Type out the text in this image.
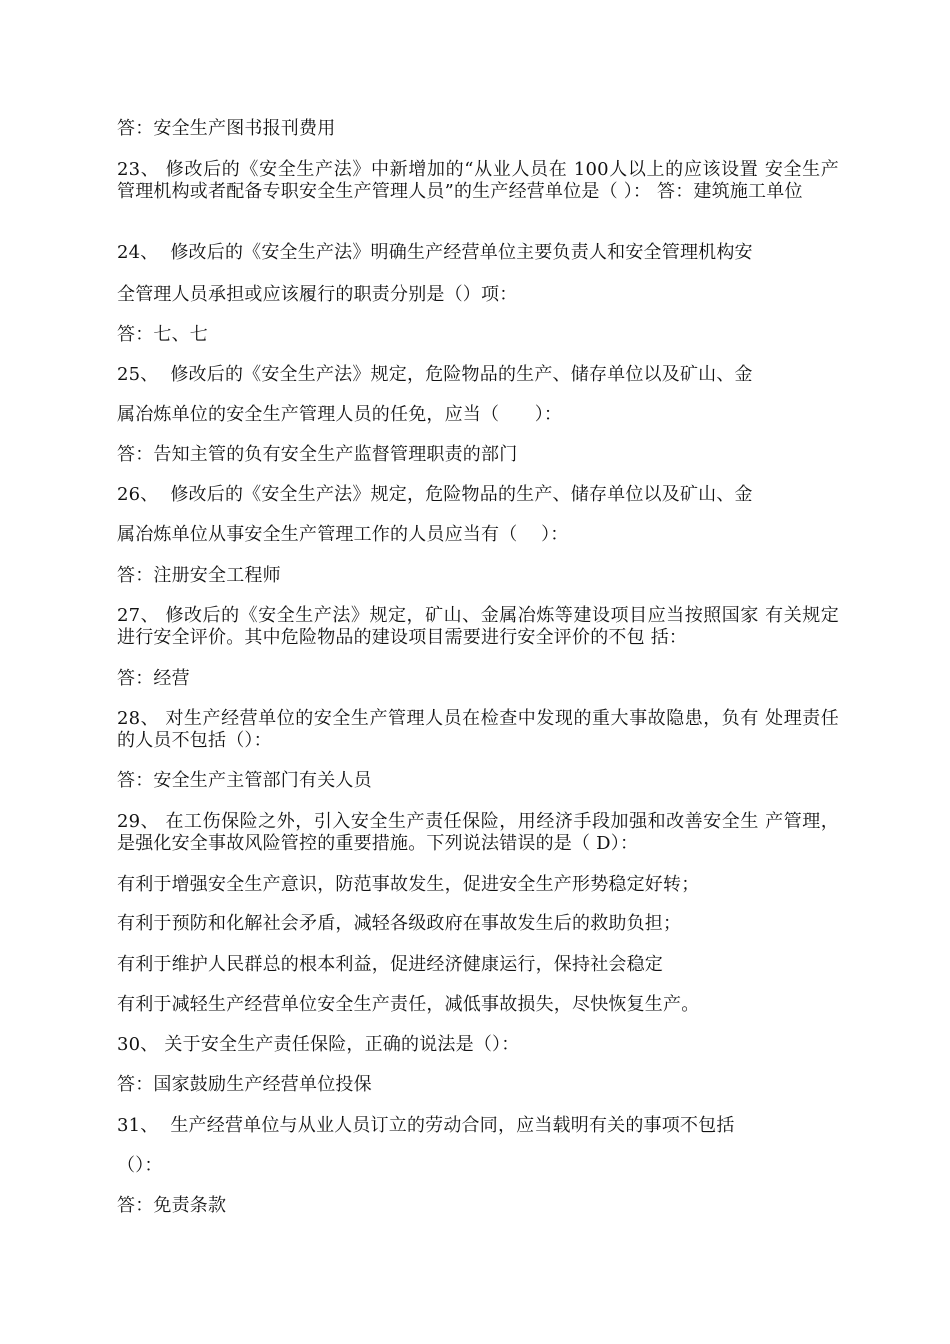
答：安全生产图书报刊费用
23、 修改后的《安全生产法》中新增加的“从业人员在 100人以上的应该设置 安全生产管理机构或者配备专职安全生产管理人员”的生产经营单位是（ ）： 答：建筑施工单位
24、  修改后的《安全生产法》明确生产经营单位主要负责人和安全管理机构安
全管理人员承担或应该履行的职责分别是（）项：
答：七、七
25、  修改后的《安全生产法》规定，危险物品的生产、储存单位以及矿山、金
属冶炼单位的安全生产管理人员的任免，应当（      ）：
答：告知主管的负有安全生产监督管理职责的部门
26、  修改后的《安全生产法》规定，危险物品的生产、储存单位以及矿山、金
属冶炼单位从事安全生产管理工作的人员应当有（    ）：
答：注册安全工程师
27、 修改后的《安全生产法》规定，矿山、金属冶炼等建设项目应当按照国家 有关规定进行安全评价。其中危险物品的建设项目需要进行安全评价的不包 括：
答：经营
28、 对生产经营单位的安全生产管理人员在检查中发现的重大事故隐患，负有 处理责任的人员不包括（）：
答：安全生产主管部门有关人员
29、 在工伤保险之外，引入安全生产责任保险，用经济手段加强和改善安全生 产管理，是强化安全事故风险管控的重要措施。下列说法错误的是（ D）：
有利于增强安全生产意识，防范事故发生，促进安全生产形势稳定好转；
有利于预防和化解社会矛盾，减轻各级政府在事故发生后的救助负担；
有利于维护人民群总的根本利益，促进经济健康运行，保持社会稳定
有利于减轻生产经营单位安全生产责任，减低事故损失，尽快恢复生产。
30、 关于安全生产责任保险，正确的说法是（）：
答：国家鼓励生产经营单位投保
31、  生产经营单位与从业人员订立的劳动合同，应当载明有关的事项不包括
（）：
答：免责条款
